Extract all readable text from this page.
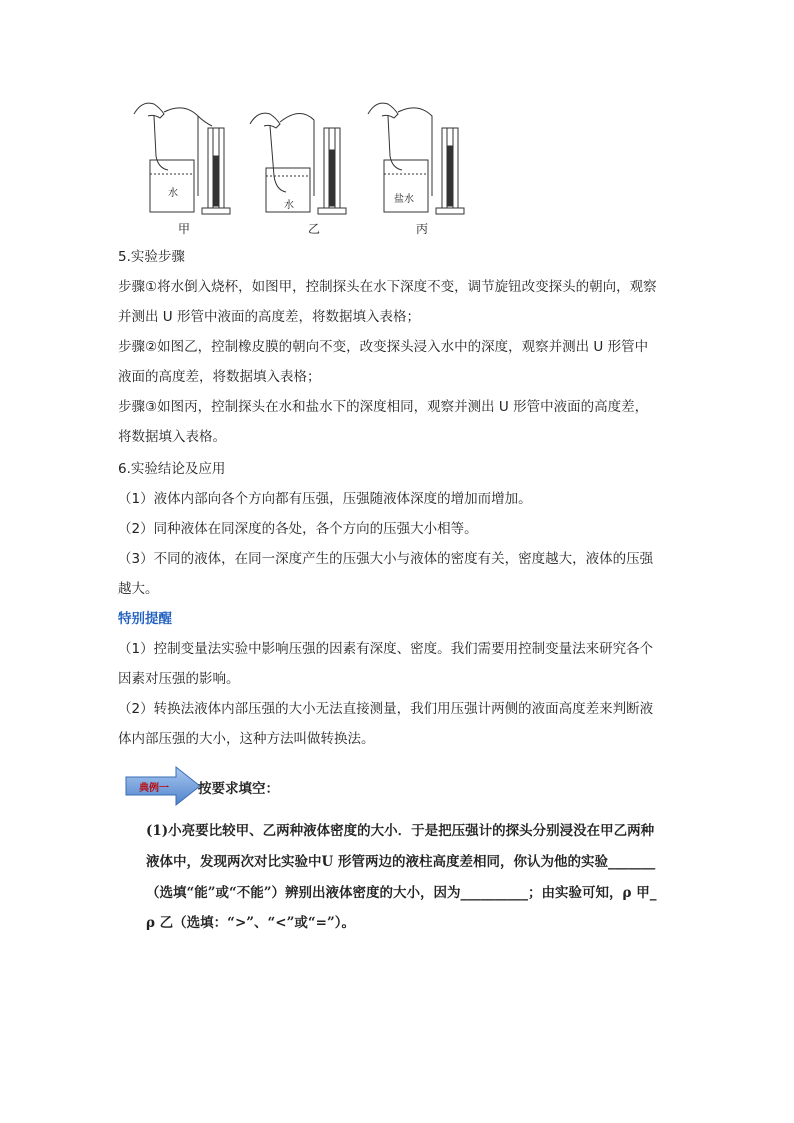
水
水
盐水
甲	乙	丙
5.实验步骤
步骤①将水倒入烧杯，如图甲，控制探头在水下深度不变，调节旋钮改变探头的朝向，观察
并测出 U 形管中液面的高度差，将数据填入表格；
步骤②如图乙，控制橡皮膜的朝向不变，改变探头浸入水中的深度，观察并测出 U 形管中
液面的高度差，将数据填入表格；
步骤③如图丙，控制探头在水和盐水下的深度相同，观察并测出 U 形管中液面的高度差，
将数据填入表格。
6.实验结论及应用
（1）液体内部向各个方向都有压强，压强随液体深度的增加而增加。
（2）同种液体在同深度的各处，各个方向的压强大小相等。
（3）不同的液体，在同一深度产生的压强大小与液体的密度有关，密度越大，液体的压强
越大。
特别提醒
（1）控制变量法实验中影响压强的因素有深度、密度。我们需要用控制变量法来研究各个
因素对压强的影响。
（2）转换法液体内部压强的大小无法直接测量，我们用压强计两侧的液面高度差来判断液
体内部压强的大小，这种方法叫做转换法。
典例一	按要求填空：
(1)小亮要比较甲、乙两种液体密度的大小．于是把压强计的探头分别浸没在甲乙两种
液体中，发现两次对比实验中U 形管两边的液柱高度差相同，你认为他的实验_______
（选填“能”或“不能”）辨别出液体密度的大小，因为__________；由实验可知，ρ 甲_
ρ 乙（选填：“>”、“<”或“=”）。
